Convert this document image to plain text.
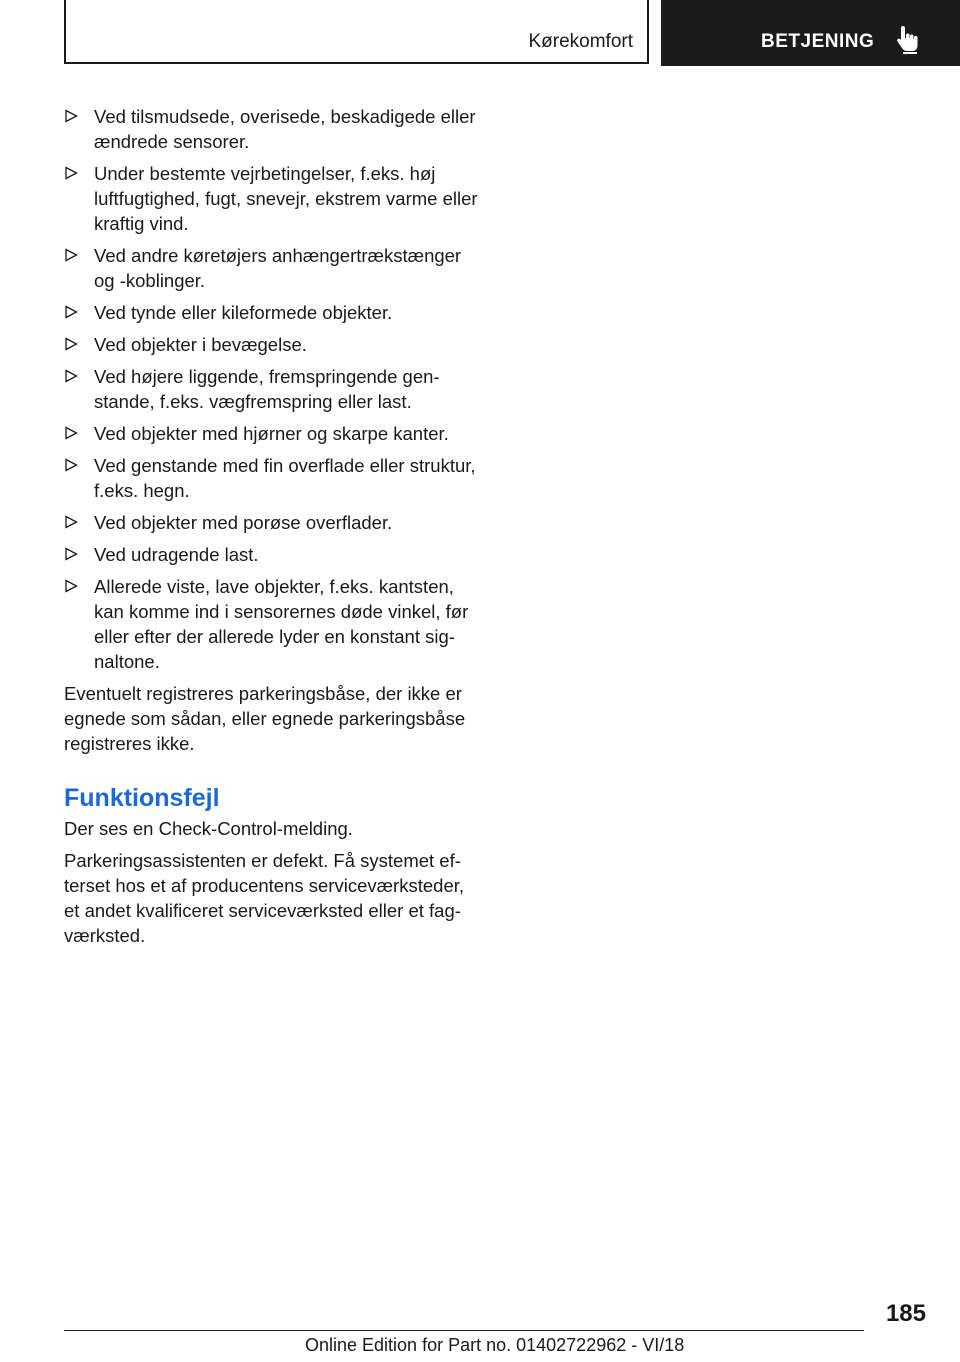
Kørekomfort	BETJENING
Ved tilsmudsede, overisede, beskadigede eller ændrede sensorer.
Under bestemte vejrbetingelser, f.eks. høj luftfugtighed, fugt, snevejr, ekstrem varme eller kraftig vind.
Ved andre køretøjers anhængertrækstænger og -koblinger.
Ved tynde eller kileformede objekter.
Ved objekter i bevægelse.
Ved højere liggende, fremspringende genstande, f.eks. vægfremspring eller last.
Ved objekter med hjørner og skarpe kanter.
Ved genstande med fin overflade eller struktur, f.eks. hegn.
Ved objekter med porøse overflader.
Ved udragende last.
Allerede viste, lave objekter, f.eks. kantsten, kan komme ind i sensorernes døde vinkel, før eller efter der allerede lyder en konstant signaltone.

Eventuelt registreres parkeringsbåse, der ikke er egnede som sådan, eller egnede parkeringsbåse registreres ikke.

Funktionsfejl

Der ses en Check-Control-melding.

Parkeringsassistenten er defekt. Få systemet efterset hos et af producentens serviceværksteder, et andet kvalificeret serviceværksted eller et fagværksted.

185
Online Edition for Part no. 01402722962 - VI/18
